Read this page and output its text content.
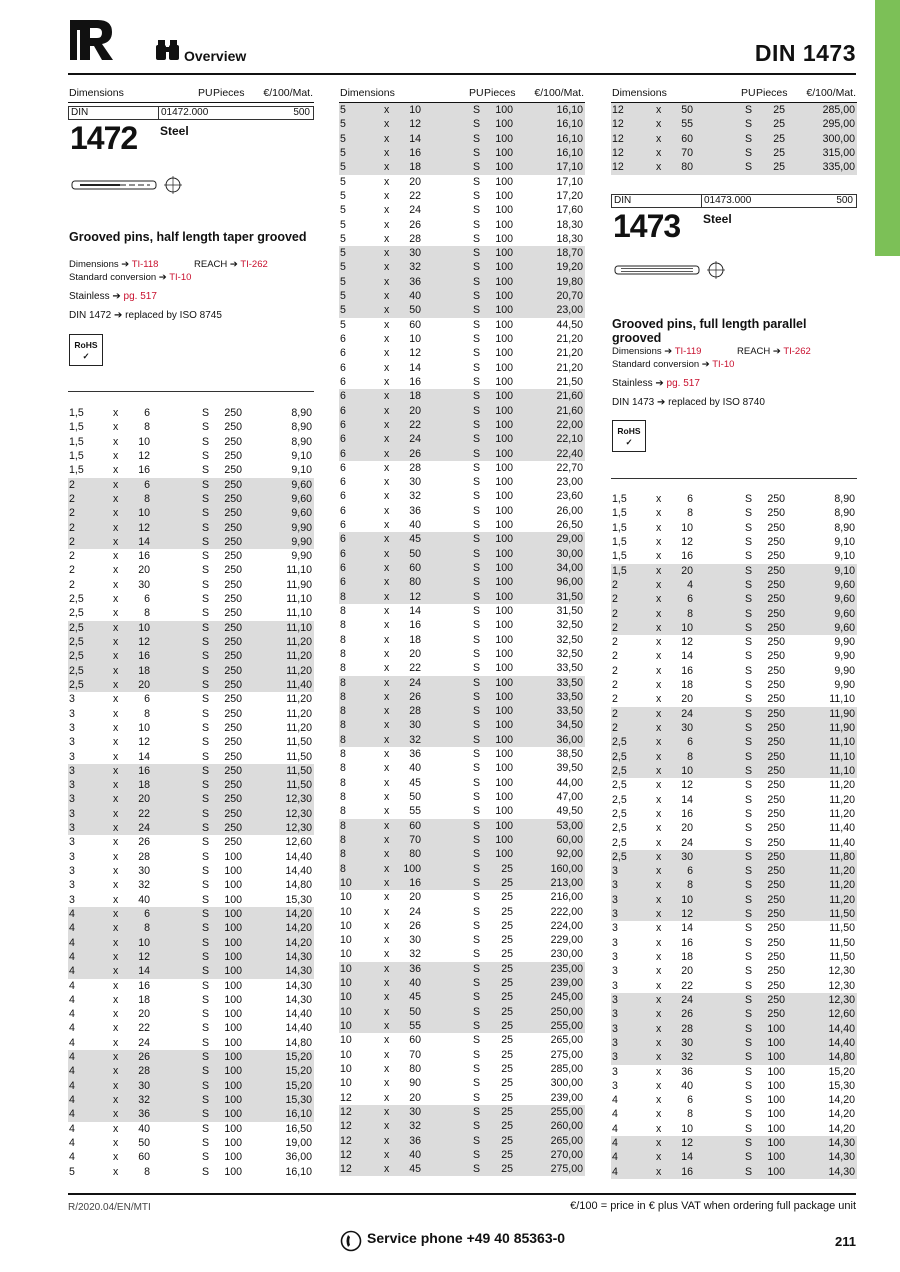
Overview	DIN 1473
Dimensions	PU Pieces €/100/Mat.
DIN	01472.000	500
1472 Steel
Grooved pins, half length taper grooved
Dimensions ➔ TI-118	REACH ➔ TI-262
Standard conversion ➔ TI-10
Stainless ➔ pg. 517
DIN 1472 ➔ replaced by ISO 8745
RoHS
✓
1,5	x	6	S	250	8,90
1,5	x	8	S	250	8,90
1,5	x	10	S	250	8,90
1,5	x	12	S	250	9,10
1,5	x	16	S	250	9,10
2	x	6	S	250	9,60
2	x	8	S	250	9,60
2	x	10	S	250	9,60
2	x	12	S	250	9,90
2	x	14	S	250	9,90
2	x	16	S	250	9,90
2	x	20	S	250	11,10
2	x	30	S	250	11,90
2,5	x	6	S	250	11,10
2,5	x	8	S	250	11,10
2,5	x	10	S	250	11,10
2,5	x	12	S	250	11,20
2,5	x	16	S	250	11,20
2,5	x	18	S	250	11,20
2,5	x	20	S	250	11,40
3	x	6	S	250	11,20
3	x	8	S	250	11,20
3	x	10	S	250	11,20
3	x	12	S	250	11,50
3	x	14	S	250	11,50
3	x	16	S	250	11,50
3	x	18	S	250	11,50
3	x	20	S	250	12,30
3	x	22	S	250	12,30
3	x	24	S	250	12,30
3	x	26	S	250	12,60
3	x	28	S	100	14,40
3	x	30	S	100	14,40
3	x	32	S	100	14,80
3	x	40	S	100	15,30
4	x	6	S	100	14,20
4	x	8	S	100	14,20
4	x	10	S	100	14,20
4	x	12	S	100	14,30
4	x	14	S	100	14,30
4	x	16	S	100	14,30
4	x	18	S	100	14,30
4	x	20	S	100	14,40
4	x	22	S	100	14,40
4	x	24	S	100	14,80
4	x	26	S	100	15,20
4	x	28	S	100	15,20
4	x	30	S	100	15,20
4	x	32	S	100	15,30
4	x	36	S	100	16,10
4	x	40	S	100	16,50
4	x	50	S	100	19,00
4	x	60	S	100	36,00
5	x	8	S	100	16,10
Dimensions	PU Pieces €/100/Mat.
5	x	10	S	100	16,10
5	x	12	S	100	16,10
5	x	14	S	100	16,10
5	x	16	S	100	16,10
5	x	18	S	100	17,10
5	x	20	S	100	17,10
5	x	22	S	100	17,20
5	x	24	S	100	17,60
5	x	26	S	100	18,30
5	x	28	S	100	18,30
5	x	30	S	100	18,70
5	x	32	S	100	19,20
5	x	36	S	100	19,80
5	x	40	S	100	20,70
5	x	50	S	100	23,00
5	x	60	S	100	44,50
6	x	10	S	100	21,20
6	x	12	S	100	21,20
6	x	14	S	100	21,20
6	x	16	S	100	21,50
6	x	18	S	100	21,60
6	x	20	S	100	21,60
6	x	22	S	100	22,00
6	x	24	S	100	22,10
6	x	26	S	100	22,40
6	x	28	S	100	22,70
6	x	30	S	100	23,00
6	x	32	S	100	23,60
6	x	36	S	100	26,00
6	x	40	S	100	26,50
6	x	45	S	100	29,00
6	x	50	S	100	30,00
6	x	60	S	100	34,00
6	x	80	S	100	96,00
8	x	12	S	100	31,50
8	x	14	S	100	31,50
8	x	16	S	100	32,50
8	x	18	S	100	32,50
8	x	20	S	100	32,50
8	x	22	S	100	33,50
8	x	24	S	100	33,50
8	x	26	S	100	33,50
8	x	28	S	100	33,50
8	x	30	S	100	34,50
8	x	32	S	100	36,00
8	x	36	S	100	38,50
8	x	40	S	100	39,50
8	x	45	S	100	44,00
8	x	50	S	100	47,00
8	x	55	S	100	49,50
8	x	60	S	100	53,00
8	x	70	S	100	60,00
8	x	80	S	100	92,00
8	x	100	S	25	160,00
10	x	16	S	25	213,00
10	x	20	S	25	216,00
10	x	24	S	25	222,00
10	x	26	S	25	224,00
10	x	30	S	25	229,00
10	x	32	S	25	230,00
10	x	36	S	25	235,00
10	x	40	S	25	239,00
10	x	45	S	25	245,00
10	x	50	S	25	250,00
10	x	55	S	25	255,00
10	x	60	S	25	265,00
10	x	70	S	25	275,00
10	x	80	S	25	285,00
10	x	90	S	25	300,00
12	x	20	S	25	239,00
12	x	30	S	25	255,00
12	x	32	S	25	260,00
12	x	36	S	25	265,00
12	x	40	S	25	270,00
12	x	45	S	25	275,00
Dimensions	PU Pieces €/100/Mat.
12	x	50	S	25	285,00
12	x	55	S	25	295,00
12	x	60	S	25	300,00
12	x	70	S	25	315,00
12	x	80	S	25	335,00
DIN	01473.000	500
1473 Steel
Grooved pins, full length parallel grooved
Dimensions ➔ TI-119	REACH ➔ TI-262
Standard conversion ➔ TI-10
Stainless ➔ pg. 517
DIN 1473 ➔ replaced by ISO 8740
RoHS
✓
1,5	x	6	S	250	8,90
1,5	x	8	S	250	8,90
1,5	x	10	S	250	8,90
1,5	x	12	S	250	9,10
1,5	x	16	S	250	9,10
1,5	x	20	S	250	9,10
2	x	4	S	250	9,60
2	x	6	S	250	9,60
2	x	8	S	250	9,60
2	x	10	S	250	9,60
2	x	12	S	250	9,90
2	x	14	S	250	9,90
2	x	16	S	250	9,90
2	x	18	S	250	9,90
2	x	20	S	250	11,10
2	x	24	S	250	11,90
2	x	30	S	250	11,90
2,5	x	6	S	250	11,10
2,5	x	8	S	250	11,10
2,5	x	10	S	250	11,10
2,5	x	12	S	250	11,20
2,5	x	14	S	250	11,20
2,5	x	16	S	250	11,20
2,5	x	20	S	250	11,40
2,5	x	24	S	250	11,40
2,5	x	30	S	250	11,80
3	x	6	S	250	11,20
3	x	8	S	250	11,20
3	x	10	S	250	11,20
3	x	12	S	250	11,50
3	x	14	S	250	11,50
3	x	16	S	250	11,50
3	x	18	S	250	11,50
3	x	20	S	250	12,30
3	x	22	S	250	12,30
3	x	24	S	250	12,30
3	x	26	S	250	12,60
3	x	28	S	100	14,40
3	x	30	S	100	14,40
3	x	32	S	100	14,80
3	x	36	S	100	15,20
3	x	40	S	100	15,30
4	x	6	S	100	14,20
4	x	8	S	100	14,20
4	x	10	S	100	14,20
4	x	12	S	100	14,30
4	x	14	S	100	14,30
4	x	16	S	100	14,30
R/2020.04/EN/MTI	€/100 = price in € plus VAT when ordering full package unit
Service phone +49 40 85363-0	211
